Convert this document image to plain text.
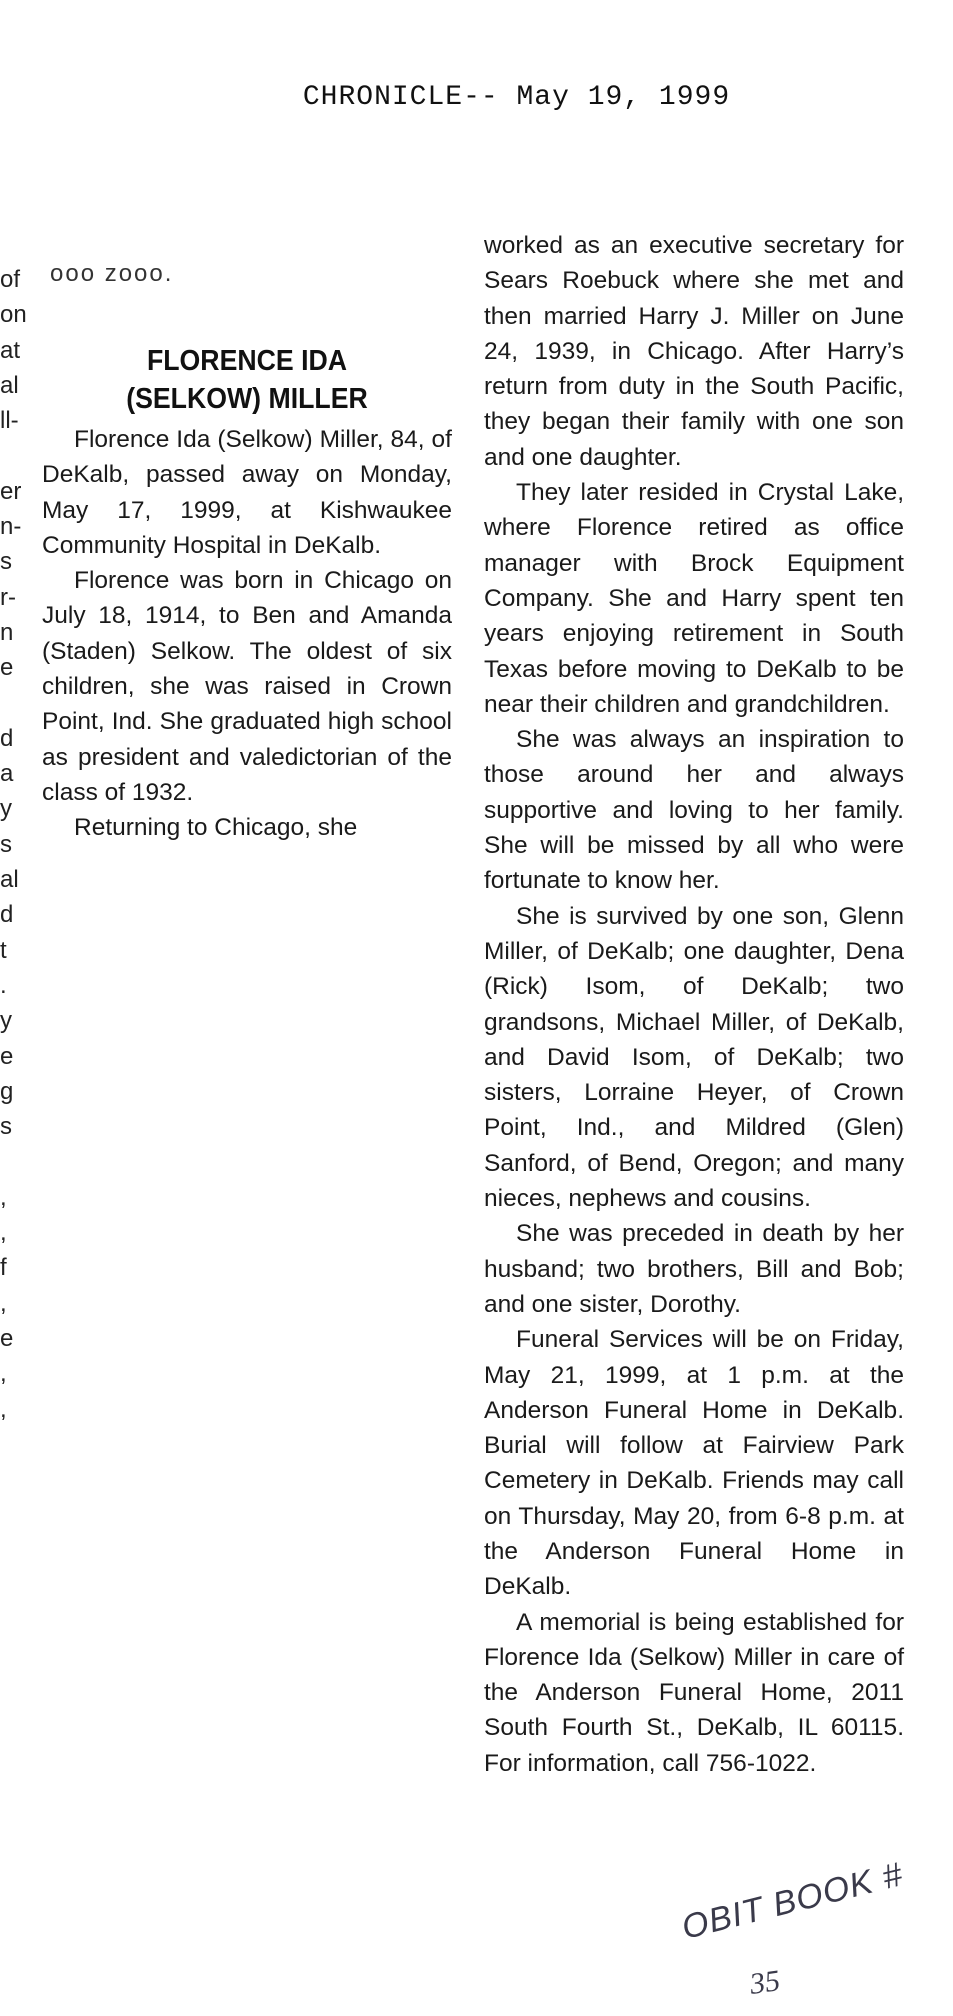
CHRONICLE-- May 19, 1999
of
on
at
al
ll-
er
n-
s
r-
n
e
d
a
y
s
al
d
t
.
y
e
g
s
,
,
f
,
e
,
,
ooo zooo.
FLORENCE IDA
(SELKOW) MILLER

Florence Ida (Selkow) Miller, 84, of DeKalb, passed away on Monday, May 17, 1999, at Kishwaukee Community Hospital in DeKalb.

Florence was born in Chicago on July 18, 1914, to Ben and Amanda (Staden) Selkow. The oldest of six children, she was raised in Crown Point, Ind. She graduated high school as president and valedictorian of the class of 1932.

Returning to Chicago, she

worked as an executive secretary for Sears Roebuck where she met and then married Harry J. Miller on June 24, 1939, in Chicago. After Harry’s return from duty in the South Pacific, they began their family with one son and one daughter.

They later resided in Crystal Lake, where Florence retired as office manager with Brock Equipment Company. She and Harry spent ten years enjoying retirement in South Texas before moving to DeKalb to be near their children and grandchildren.

She was always an inspiration to those around her and always supportive and loving to her family. She will be missed by all who were fortunate to know her.

She is survived by one son, Glenn Miller, of DeKalb; one daughter, Dena (Rick) Isom, of DeKalb; two grandsons, Michael Miller, of DeKalb, and David Isom, of DeKalb; two sisters, Lorraine Heyer, of Crown Point, Ind., and Mildred (Glen) Sanford, of Bend, Oregon; and many nieces, nephews and cousins.

She was preceded in death by her husband; two brothers, Bill and Bob; and one sister, Dorothy.

Funeral Services will be on Friday, May 21, 1999, at 1 p.m. at the Anderson Funeral Home in DeKalb. Burial will follow at Fairview Park Cemetery in DeKalb. Friends may call on Thursday, May 20, from 6-8 p.m. at the Anderson Funeral Home in DeKalb.

A memorial is being established for Florence Ida (Selkow) Miller in care of the Anderson Funeral Home, 2011 South Fourth St., DeKalb, IL 60115. For information, call 756-1022.

OBIT BOOK #
35
